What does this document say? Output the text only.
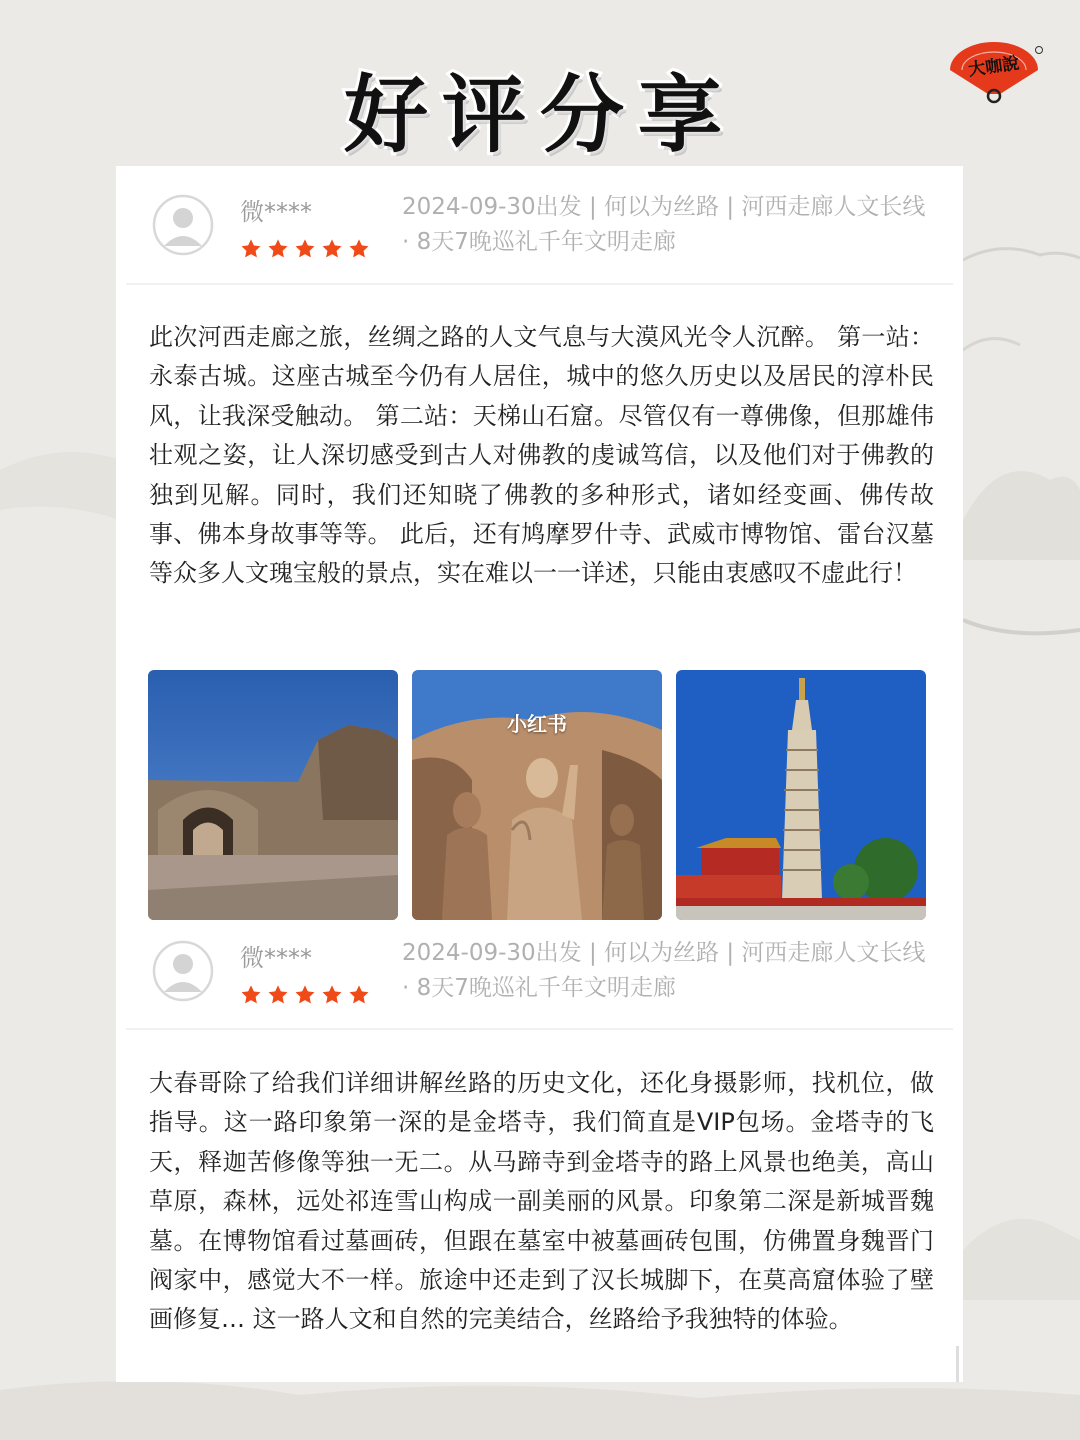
好评分享	大咖說
微****	2024-09-30出发 | 何以为丝路 | 河西走廊人文长线 · 8天7晚巡礼千年文明走廊
此次河西走廊之旅，丝绸之路的人文气息与大漠风光令人沉醉。 第一站：永泰古城。这座古城至今仍有人居住，城中的悠久历史以及居民的淳朴民风，让我深受触动。 第二站：天梯山石窟。尽管仅有一尊佛像，但那雄伟壮观之姿，让人深切感受到古人对佛教的虔诚笃信，以及他们对于佛教的独到见解。同时，我们还知晓了佛教的多种形式，诸如经变画、佛传故事、佛本身故事等等。 此后，还有鸠摩罗什寺、武威市博物馆、雷台汉墓等众多人文瑰宝般的景点，实在难以一一详述，只能由衷感叹不虚此行！
小红书
微****	2024-09-30出发 | 何以为丝路 | 河西走廊人文长线 · 8天7晚巡礼千年文明走廊
大春哥除了给我们详细讲解丝路的历史文化，还化身摄影师，找机位，做指导。这一路印象第一深的是金塔寺，我们简直是VIP包场。金塔寺的飞天，释迦苦修像等独一无二。从马蹄寺到金塔寺的路上风景也绝美，高山草原，森林，远处祁连雪山构成一副美丽的风景。印象第二深是新城晋魏墓。在博物馆看过墓画砖，但跟在墓室中被墓画砖包围，仿佛置身魏晋门阀家中，感觉大不一样。旅途中还走到了汉长城脚下，在莫高窟体验了壁画修复… 这一路人文和自然的完美结合，丝路给予我独特的体验。
